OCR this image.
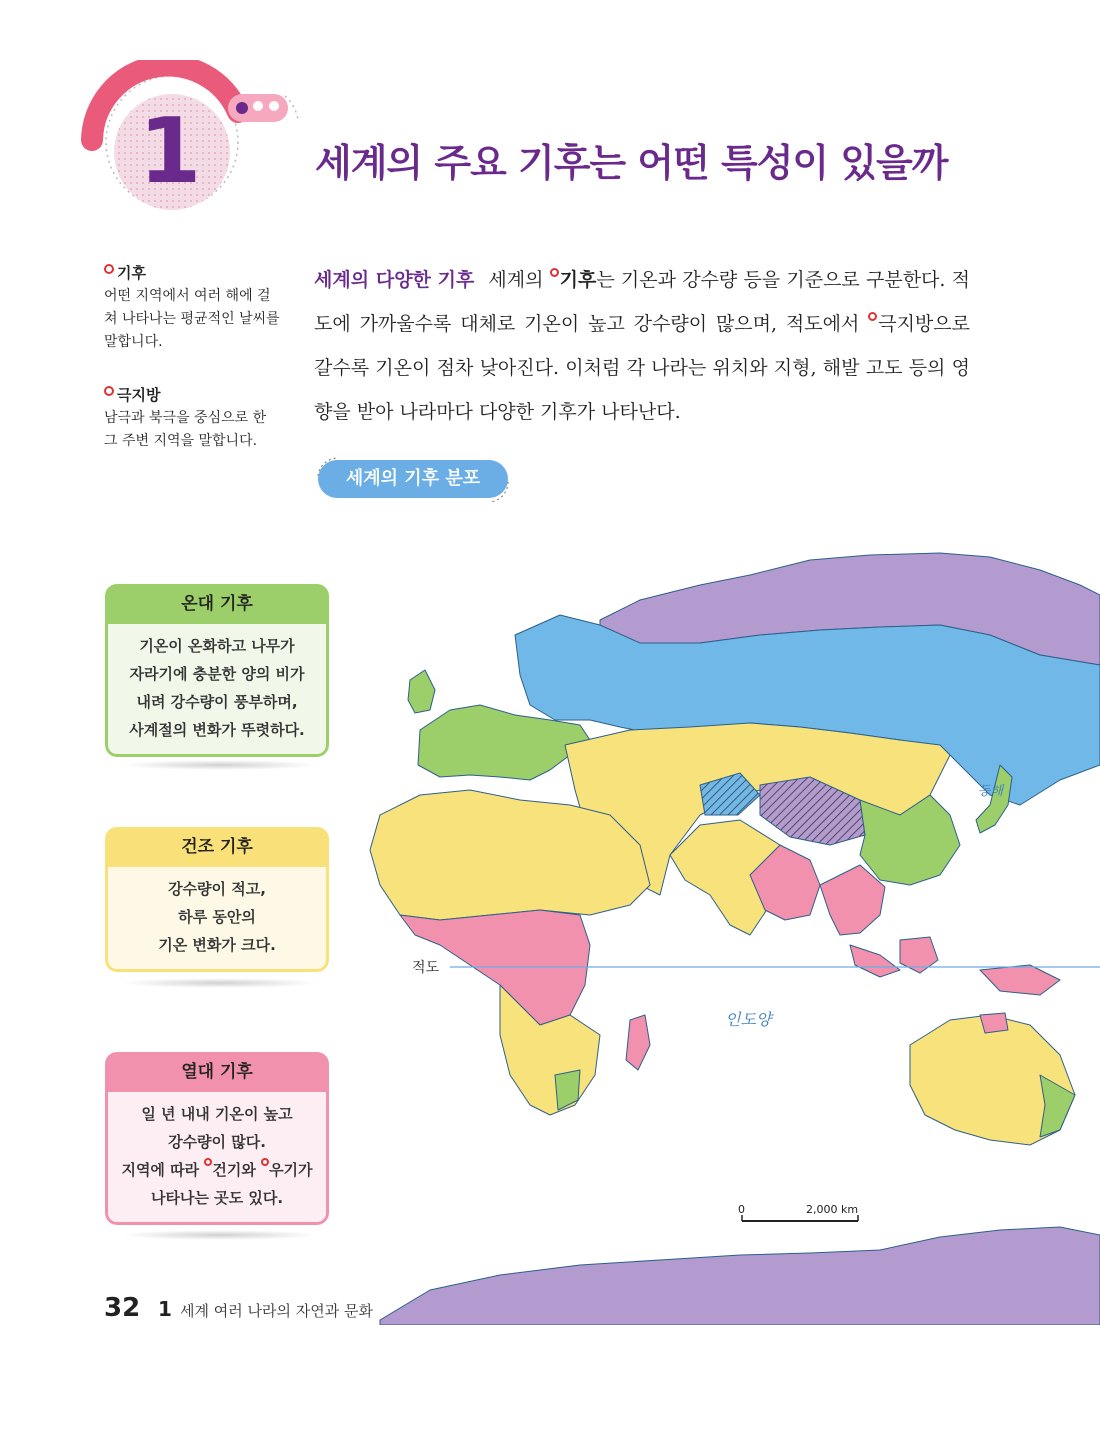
1	세계의 주요 기후는 어떤 특성이 있을까
기후
어떤 지역에서 여러 해에 걸쳐 나타나는 평균적인 날씨를 말합니다.
극지방
남극과 북극을 중심으로 한 그 주변 지역을 말합니다.
세계의 다양한 기후 세계의 기후는 기온과 강수량 등을 기준으로 구분한다. 적도에 가까울수록 대체로 기온이 높고 강수량이 많으며, 적도에서 극지방으로 갈수록 기온이 점차 낮아진다. 이처럼 각 나라는 위치와 지형, 해발 고도 등의 영향을 받아 나라마다 다양한 기후가 나타난다.
세계의 기후 분포
적도
동해
인도양
0	2,000 km
온대 기후
기온이 온화하고 나무가
자라기에 충분한 양의 비가
내려 강수량이 풍부하며,
사계절의 변화가 뚜렷하다.
건조 기후
강수량이 적고,
하루 동안의
기온 변화가 크다.
열대 기후
일 년 내내 기온이 높고
강수량이 많다.
지역에 따라 건기와 우기가
나타나는 곳도 있다.
32 1 세계 여러 나라의 자연과 문화
